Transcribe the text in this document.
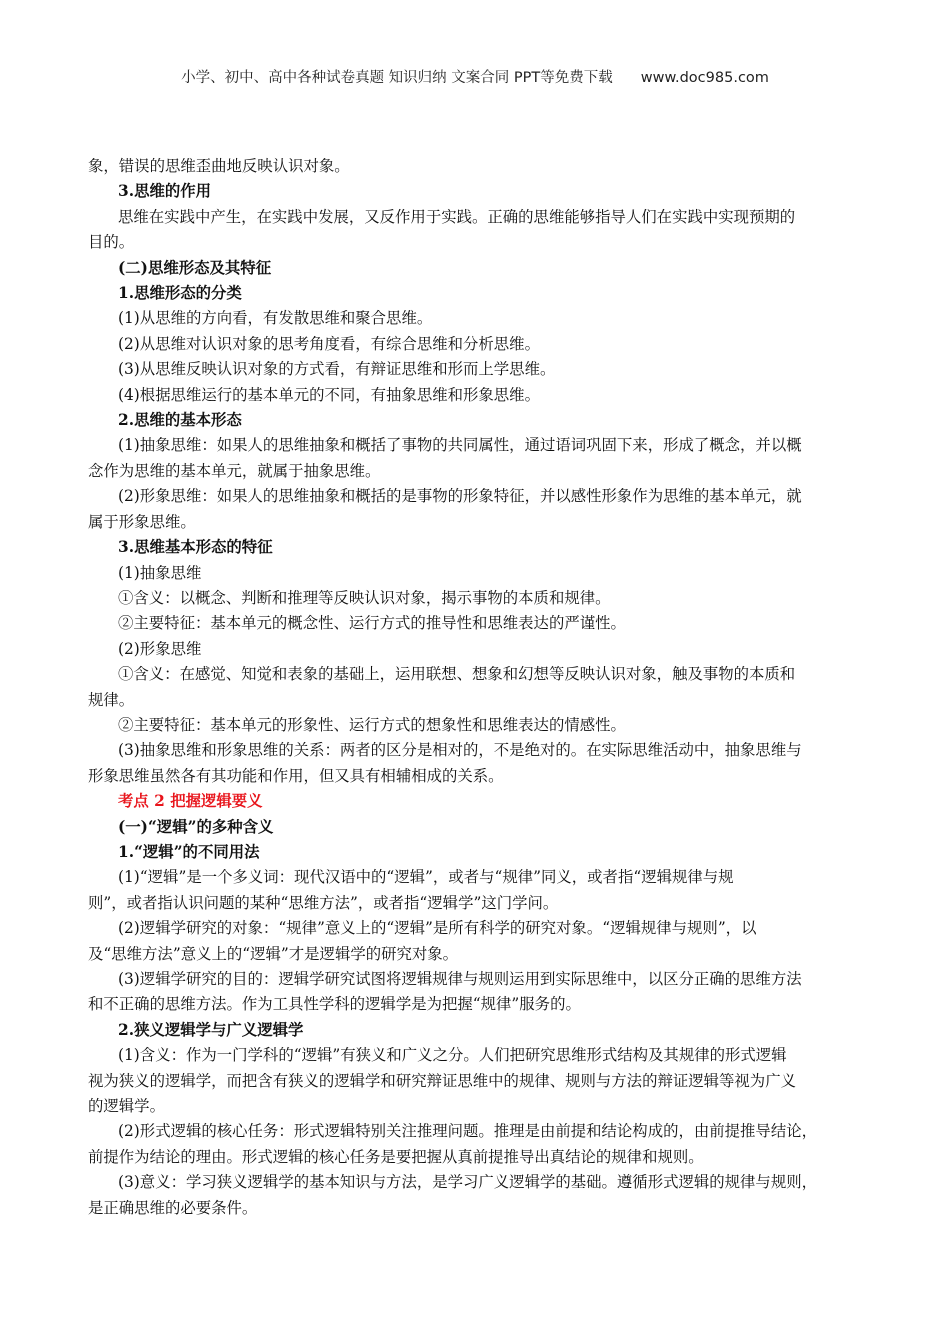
小学、初中、高中各种试卷真题 知识归纳 文案合同 PPT等免费下载 www.doc985.com
象，错误的思维歪曲地反映认识对象。
3.思维的作用
思维在实践中产生，在实践中发展，又反作用于实践。正确的思维能够指导人们在实践中实现预期的
目的。
(二)思维形态及其特征
1.思维形态的分类
(1)从思维的方向看，有发散思维和聚合思维。
(2)从思维对认识对象的思考角度看，有综合思维和分析思维。
(3)从思维反映认识对象的方式看，有辩证思维和形而上学思维。
(4)根据思维运行的基本单元的不同，有抽象思维和形象思维。
2.思维的基本形态
(1)抽象思维：如果人的思维抽象和概括了事物的共同属性，通过语词巩固下来，形成了概念，并以概
念作为思维的基本单元，就属于抽象思维。
(2)形象思维：如果人的思维抽象和概括的是事物的形象特征，并以感性形象作为思维的基本单元，就
属于形象思维。
3.思维基本形态的特征
(1)抽象思维
①含义：以概念、判断和推理等反映认识对象，揭示事物的本质和规律。
②主要特征：基本单元的概念性、运行方式的推导性和思维表达的严谨性。
(2)形象思维
①含义：在感觉、知觉和表象的基础上，运用联想、想象和幻想等反映认识对象，触及事物的本质和
规律。
②主要特征：基本单元的形象性、运行方式的想象性和思维表达的情感性。
(3)抽象思维和形象思维的关系：两者的区分是相对的，不是绝对的。在实际思维活动中，抽象思维与
形象思维虽然各有其功能和作用，但又具有相辅相成的关系。
考点 2 把握逻辑要义
(一)“逻辑”的多种含义
1.“逻辑”的不同用法
(1)“逻辑”是一个多义词：现代汉语中的“逻辑”，或者与“规律”同义，或者指“逻辑规律与规
则”，或者指认识问题的某种“思维方法”，或者指“逻辑学”这门学问。
(2)逻辑学研究的对象：“规律”意义上的“逻辑”是所有科学的研究对象。“逻辑规律与规则”，以
及“思维方法”意义上的“逻辑”才是逻辑学的研究对象。
(3)逻辑学研究的目的：逻辑学研究试图将逻辑规律与规则运用到实际思维中，以区分正确的思维方法
和不正确的思维方法。作为工具性学科的逻辑学是为把握“规律”服务的。
2.狭义逻辑学与广义逻辑学
(1)含义：作为一门学科的“逻辑”有狭义和广义之分。人们把研究思维形式结构及其规律的形式逻辑
视为狭义的逻辑学，而把含有狭义的逻辑学和研究辩证思维中的规律、规则与方法的辩证逻辑等视为广义
的逻辑学。
(2)形式逻辑的核心任务：形式逻辑特别关注推理问题。推理是由前提和结论构成的，由前提推导结论，
前提作为结论的理由。形式逻辑的核心任务是要把握从真前提推导出真结论的规律和规则。
(3)意义：学习狭义逻辑学的基本知识与方法，是学习广义逻辑学的基础。遵循形式逻辑的规律与规则，
是正确思维的必要条件。
